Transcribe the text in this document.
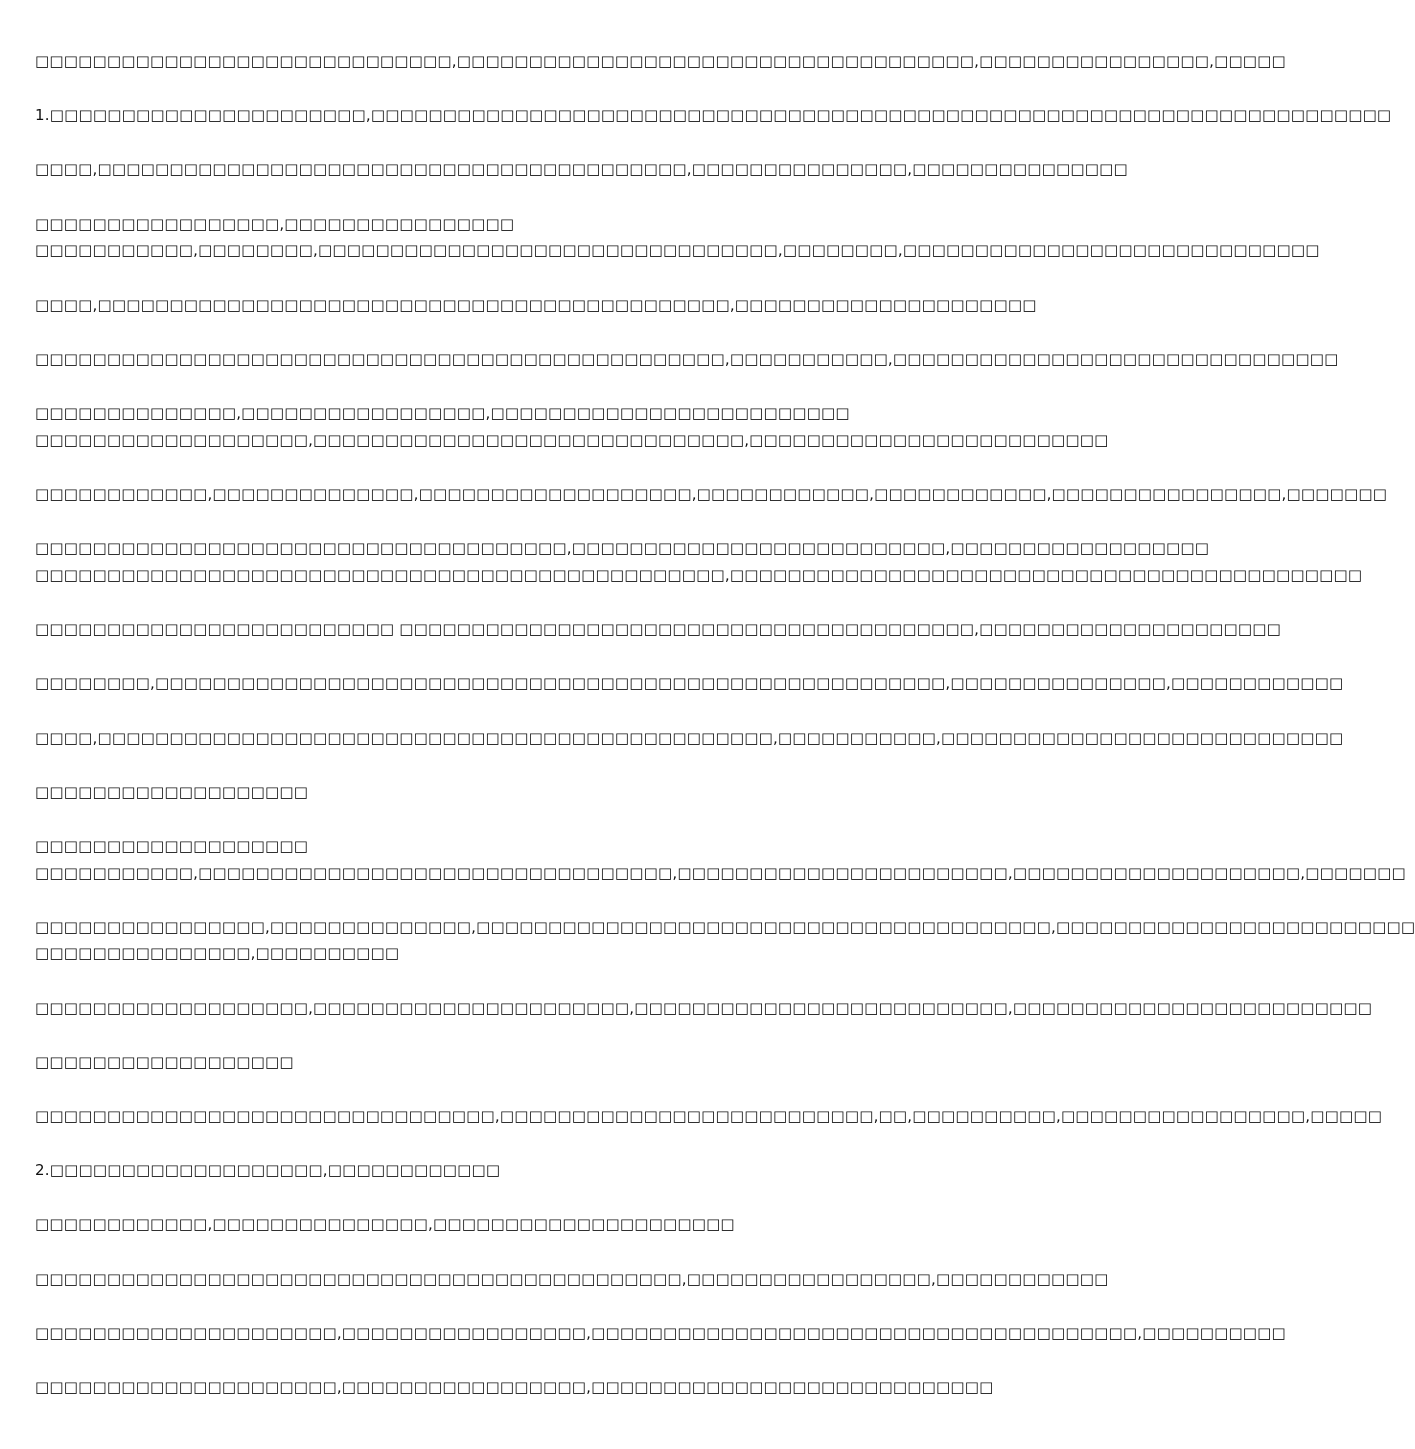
□□□□□□□□□□□□□□□□□□□□□□□□□□□□□,□□□□□□□□□□□□□□□□□□□□□□□□□□□□□□□□□□□□,□□□□□□□□□□□□□□□□,□□□□□
1.□□□□□□□□□□□□□□□□□□□□□□,□□□□□□□□□□□□□□□□□□□□□□□□□□□□□□□□□□□□□□□□□□□□□□□□□□□□□□□□□□□□□□□□□□□□□□□
□□□□,□□□□□□□□□□□□□□□□□□□□□□□□□□□□□□□□□□□□□□□□□,□□□□□□□□□□□□□□□,□□□□□□□□□□□□□□□
□□□□□□□□□□□□□□□□□,□□□□□□□□□□□□□□□□
□□□□□□□□□□□,□□□□□□□□,□□□□□□□□□□□□□□□□□□□□□□□□□□□□□□□□,□□□□□□□□,□□□□□□□□□□□□□□□□□□□□□□□□□□□□□
□□□□,□□□□□□□□□□□□□□□□□□□□□□□□□□□□□□□□□□□□□□□□□□□□,□□□□□□□□□□□□□□□□□□□□□
□□□□□□□□□□□□□□□□□□□□□□□□□□□□□□□□□□□□□□□□□□□□□□□□,□□□□□□□□□□□,□□□□□□□□□□□□□□□□□□□□□□□□□□□□□□□
□□□□□□□□□□□□□□,□□□□□□□□□□□□□□□□□,□□□□□□□□□□□□□□□□□□□□□□□□□
□□□□□□□□□□□□□□□□□□□,□□□□□□□□□□□□□□□□□□□□□□□□□□□□□□,□□□□□□□□□□□□□□□□□□□□□□□□□
□□□□□□□□□□□□,□□□□□□□□□□□□□□,□□□□□□□□□□□□□□□□□□□,□□□□□□□□□□□□,□□□□□□□□□□□□,□□□□□□□□□□□□□□□□,□□□□□□□
□□□□□□□□□□□□□□□□□□□□□□□□□□□□□□□□□□□□□,□□□□□□□□□□□□□□□□□□□□□□□□□□,□□□□□□□□□□□□□□□□□□
□□□□□□□□□□□□□□□□□□□□□□□□□□□□□□□□□□□□□□□□□□□□□□□□,□□□□□□□□□□□□□□□□□□□□□□□□□□□□□□□□□□□□□□□□□□□□
□□□□□□□□□□□□□□□□□□□□□□□□□ □□□□□□□□□□□□□□□□□□□□□□□□□□□□□□□□□□□□□□□□,□□□□□□□□□□□□□□□□□□□□□
□□□□□□□□,□□□□□□□□□□□□□□□□□□□□□□□□□□□□□□□□□□□□□□□□□□□□□□□□□□□□□□□,□□□□□□□□□□□□□□□,□□□□□□□□□□□□
□□□□,□□□□□□□□□□□□□□□□□□□□□□□□□□□□□□□□□□□□□□□□□□□□□□□,□□□□□□□□□□□,□□□□□□□□□□□□□□□□□□□□□□□□□□□□
□□□□□□□□□□□□□□□□□□□
□□□□□□□□□□□□□□□□□□□
□□□□□□□□□□□,□□□□□□□□□□□□□□□□□□□□□□□□□□□□□□□□□,□□□□□□□□□□□□□□□□□□□□□□□,□□□□□□□□□□□□□□□□□□□□,□□□□□□□
□□□□□□□□□□□□□□□□,□□□□□□□□□□□□□□,□□□□□□□□□□□□□□□□□□□□□□□□□□□□□□□□□□□□□□□□,□□□□□□□□□□□□□□□□□□□□□□□□□
□□□□□□□□□□□□□□□,□□□□□□□□□□
□□□□□□□□□□□□□□□□□□□,□□□□□□□□□□□□□□□□□□□□□□,□□□□□□□□□□□□□□□□□□□□□□□□□□,□□□□□□□□□□□□□□□□□□□□□□□□□
□□□□□□□□□□□□□□□□□□
□□□□□□□□□□□□□□□□□□□□□□□□□□□□□□□□,□□□□□□□□□□□□□□□□□□□□□□□□□□,□□,□□□□□□□□□□,□□□□□□□□□□□□□□□□□,□□□□□
2.□□□□□□□□□□□□□□□□□□□,□□□□□□□□□□□□
□□□□□□□□□□□□,□□□□□□□□□□□□□□□,□□□□□□□□□□□□□□□□□□□□□
□□□□□□□□□□□□□□□□□□□□□□□□□□□□□□□□□□□□□□□□□□□□□,□□□□□□□□□□□□□□□□□,□□□□□□□□□□□□
□□□□□□□□□□□□□□□□□□□□□,□□□□□□□□□□□□□□□□□,□□□□□□□□□□□□□□□□□□□□□□□□□□□□□□□□□□□□□□,□□□□□□□□□□
□□□□□□□□□□□□□□□□□□□□□,□□□□□□□□□□□□□□□□□,□□□□□□□□□□□□□□□□□□□□□□□□□□□□
